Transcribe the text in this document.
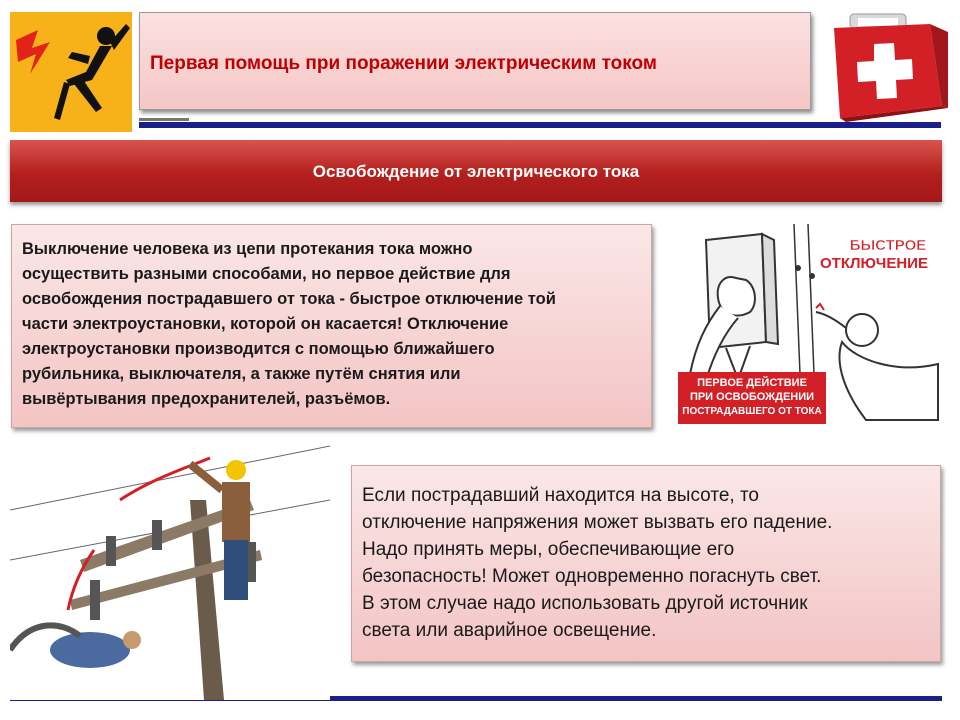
Первая помощь при поражении электрическим током
Освобождение от электрического тока

Выключение человека из цепи протекания тока можно
осуществить разными способами, но первое действие для
освобождения пострадавшего от тока - быстрое отключение той
части электроустановки, которой он касается! Отключение
электроустановки производится с помощью ближайшего
рубильника, выключателя, а также путём снятия или
вывёртывания предохранителей, разъёмов.

БЫСТРОЕ
ОТКЛЮЧЕНИЕ
ПЕРВОЕ ДЕЙСТВИЕ
ПРИ ОСВОБОЖДЕНИИ
ПОСТРАДАВШЕГО ОТ ТОКА

Если пострадавший находится на высоте, то
отключение напряжения может вызвать его падение.
Надо принять меры, обеспечивающие его
безопасность! Может одновременно погаснуть свет.
В этом случае надо использовать другой источник
света или аварийное освещение.
